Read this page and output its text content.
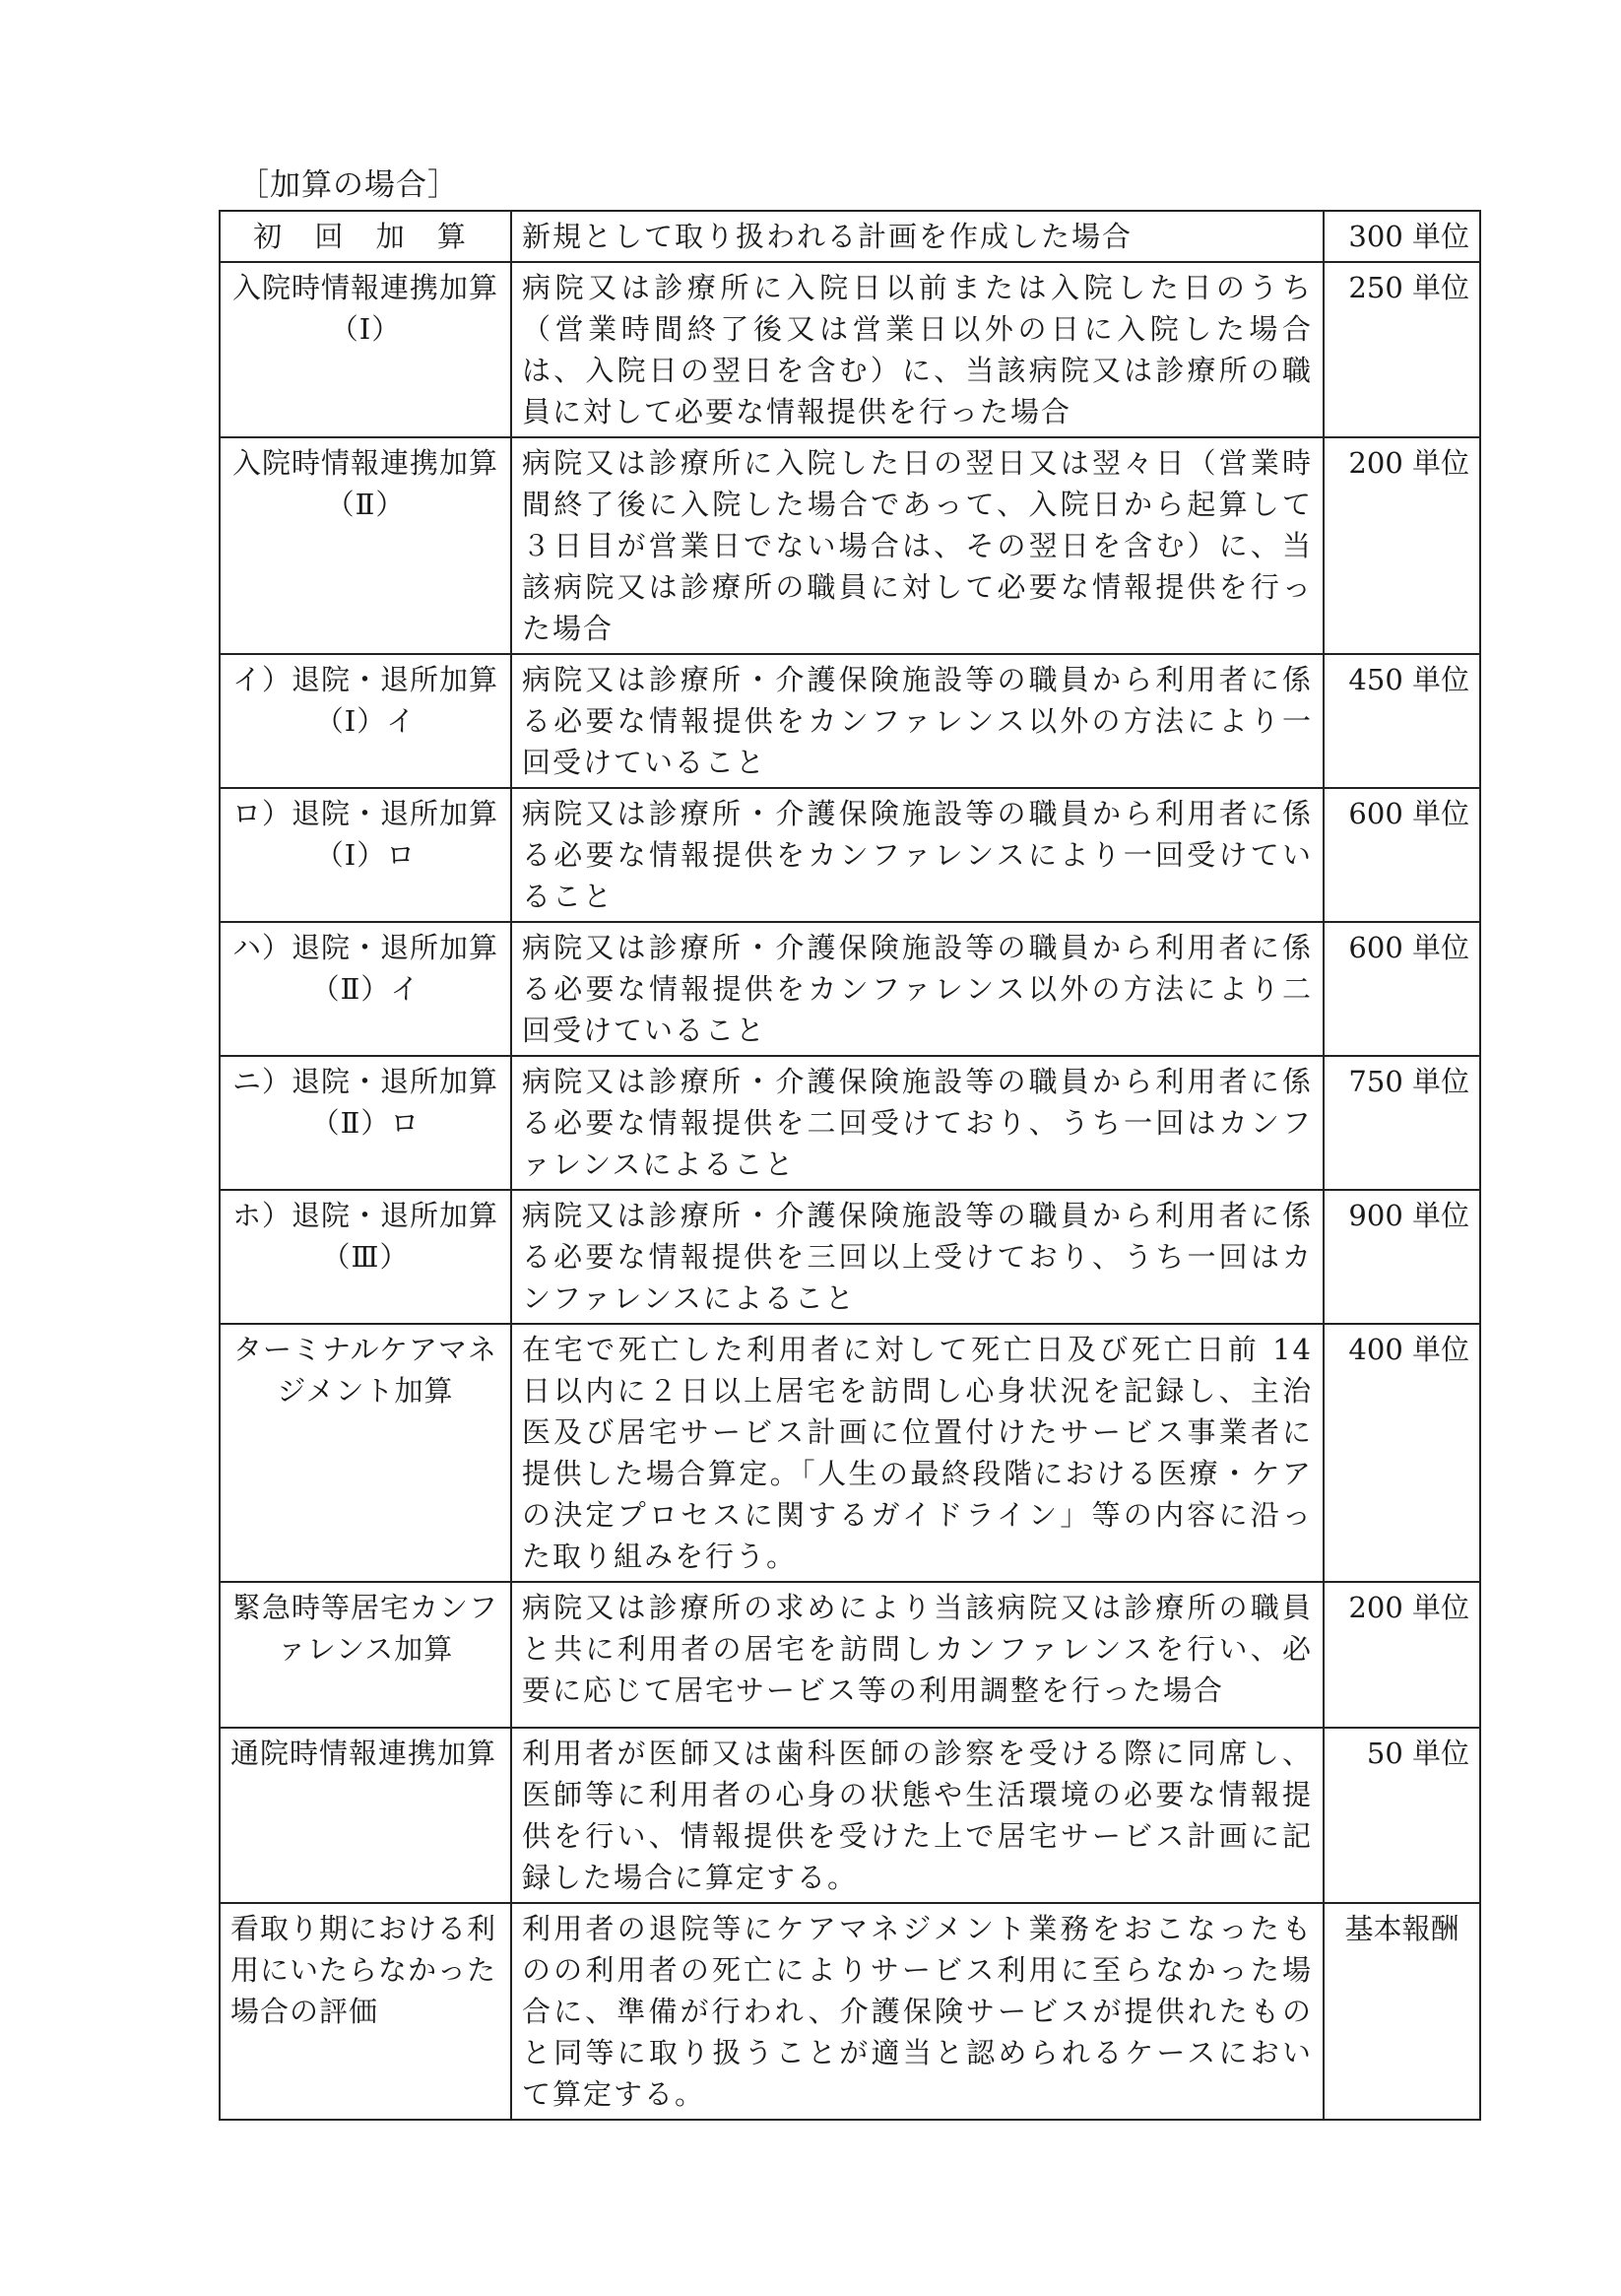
［加算の場合］
初 回 加 算	新規として取り扱われる計画を作成した場合	300 単位
入院時情報連携加算（Ⅰ）	病院又は診療所に入院日以前または入院した日のうち（営業時間終了後又は営業日以外の日に入院した場合は、入院日の翌日を含む）に、当該病院又は診療所の職員に対して必要な情報提供を行った場合	250 単位
入院時情報連携加算（Ⅱ）	病院又は診療所に入院した日の翌日又は翌々日（営業時間終了後に入院した場合であって、入院日から起算して３日目が営業日でない場合は、その翌日を含む）に、当該病院又は診療所の職員に対して必要な情報提供を行った場合	200 単位
イ）退院・退所加算（Ⅰ）イ	病院又は診療所・介護保険施設等の職員から利用者に係る必要な情報提供をカンファレンス以外の方法により一回受けていること	450 単位
ロ）退院・退所加算（Ⅰ）ロ	病院又は診療所・介護保険施設等の職員から利用者に係る必要な情報提供をカンファレンスにより一回受けていること	600 単位
ハ）退院・退所加算（Ⅱ）イ	病院又は診療所・介護保険施設等の職員から利用者に係る必要な情報提供をカンファレンス以外の方法により二回受けていること	600 単位
ニ）退院・退所加算（Ⅱ）ロ	病院又は診療所・介護保険施設等の職員から利用者に係る必要な情報提供を二回受けており、うち一回はカンファレンスによること	750 単位
ホ）退院・退所加算（Ⅲ）	病院又は診療所・介護保険施設等の職員から利用者に係る必要な情報提供を三回以上受けており、うち一回はカンファレンスによること	900 単位
ターミナルケアマネジメント加算	在宅で死亡した利用者に対して死亡日及び死亡日前 14 日以内に２日以上居宅を訪問し心身状況を記録し、主治医及び居宅サービス計画に位置付けたサービス事業者に提供した場合算定。「人生の最終段階における医療・ケアの決定プロセスに関するガイドライン」等の内容に沿った取り組みを行う。	400 単位
緊急時等居宅カンファレンス加算	病院又は診療所の求めにより当該病院又は診療所の職員と共に利用者の居宅を訪問しカンファレンスを行い、必要に応じて居宅サービス等の利用調整を行った場合	200 単位
通院時情報連携加算	利用者が医師又は歯科医師の診察を受ける際に同席し、医師等に利用者の心身の状態や生活環境の必要な情報提供を行い、情報提供を受けた上で居宅サービス計画に記録した場合に算定する。	50 単位
看取り期における利用にいたらなかった場合の評価	利用者の退院等にケアマネジメント業務をおこなったものの利用者の死亡によりサービス利用に至らなかった場合に、準備が行われ、介護保険サービスが提供れたものと同等に取り扱うことが適当と認められるケースにおいて算定する。	基本報酬
